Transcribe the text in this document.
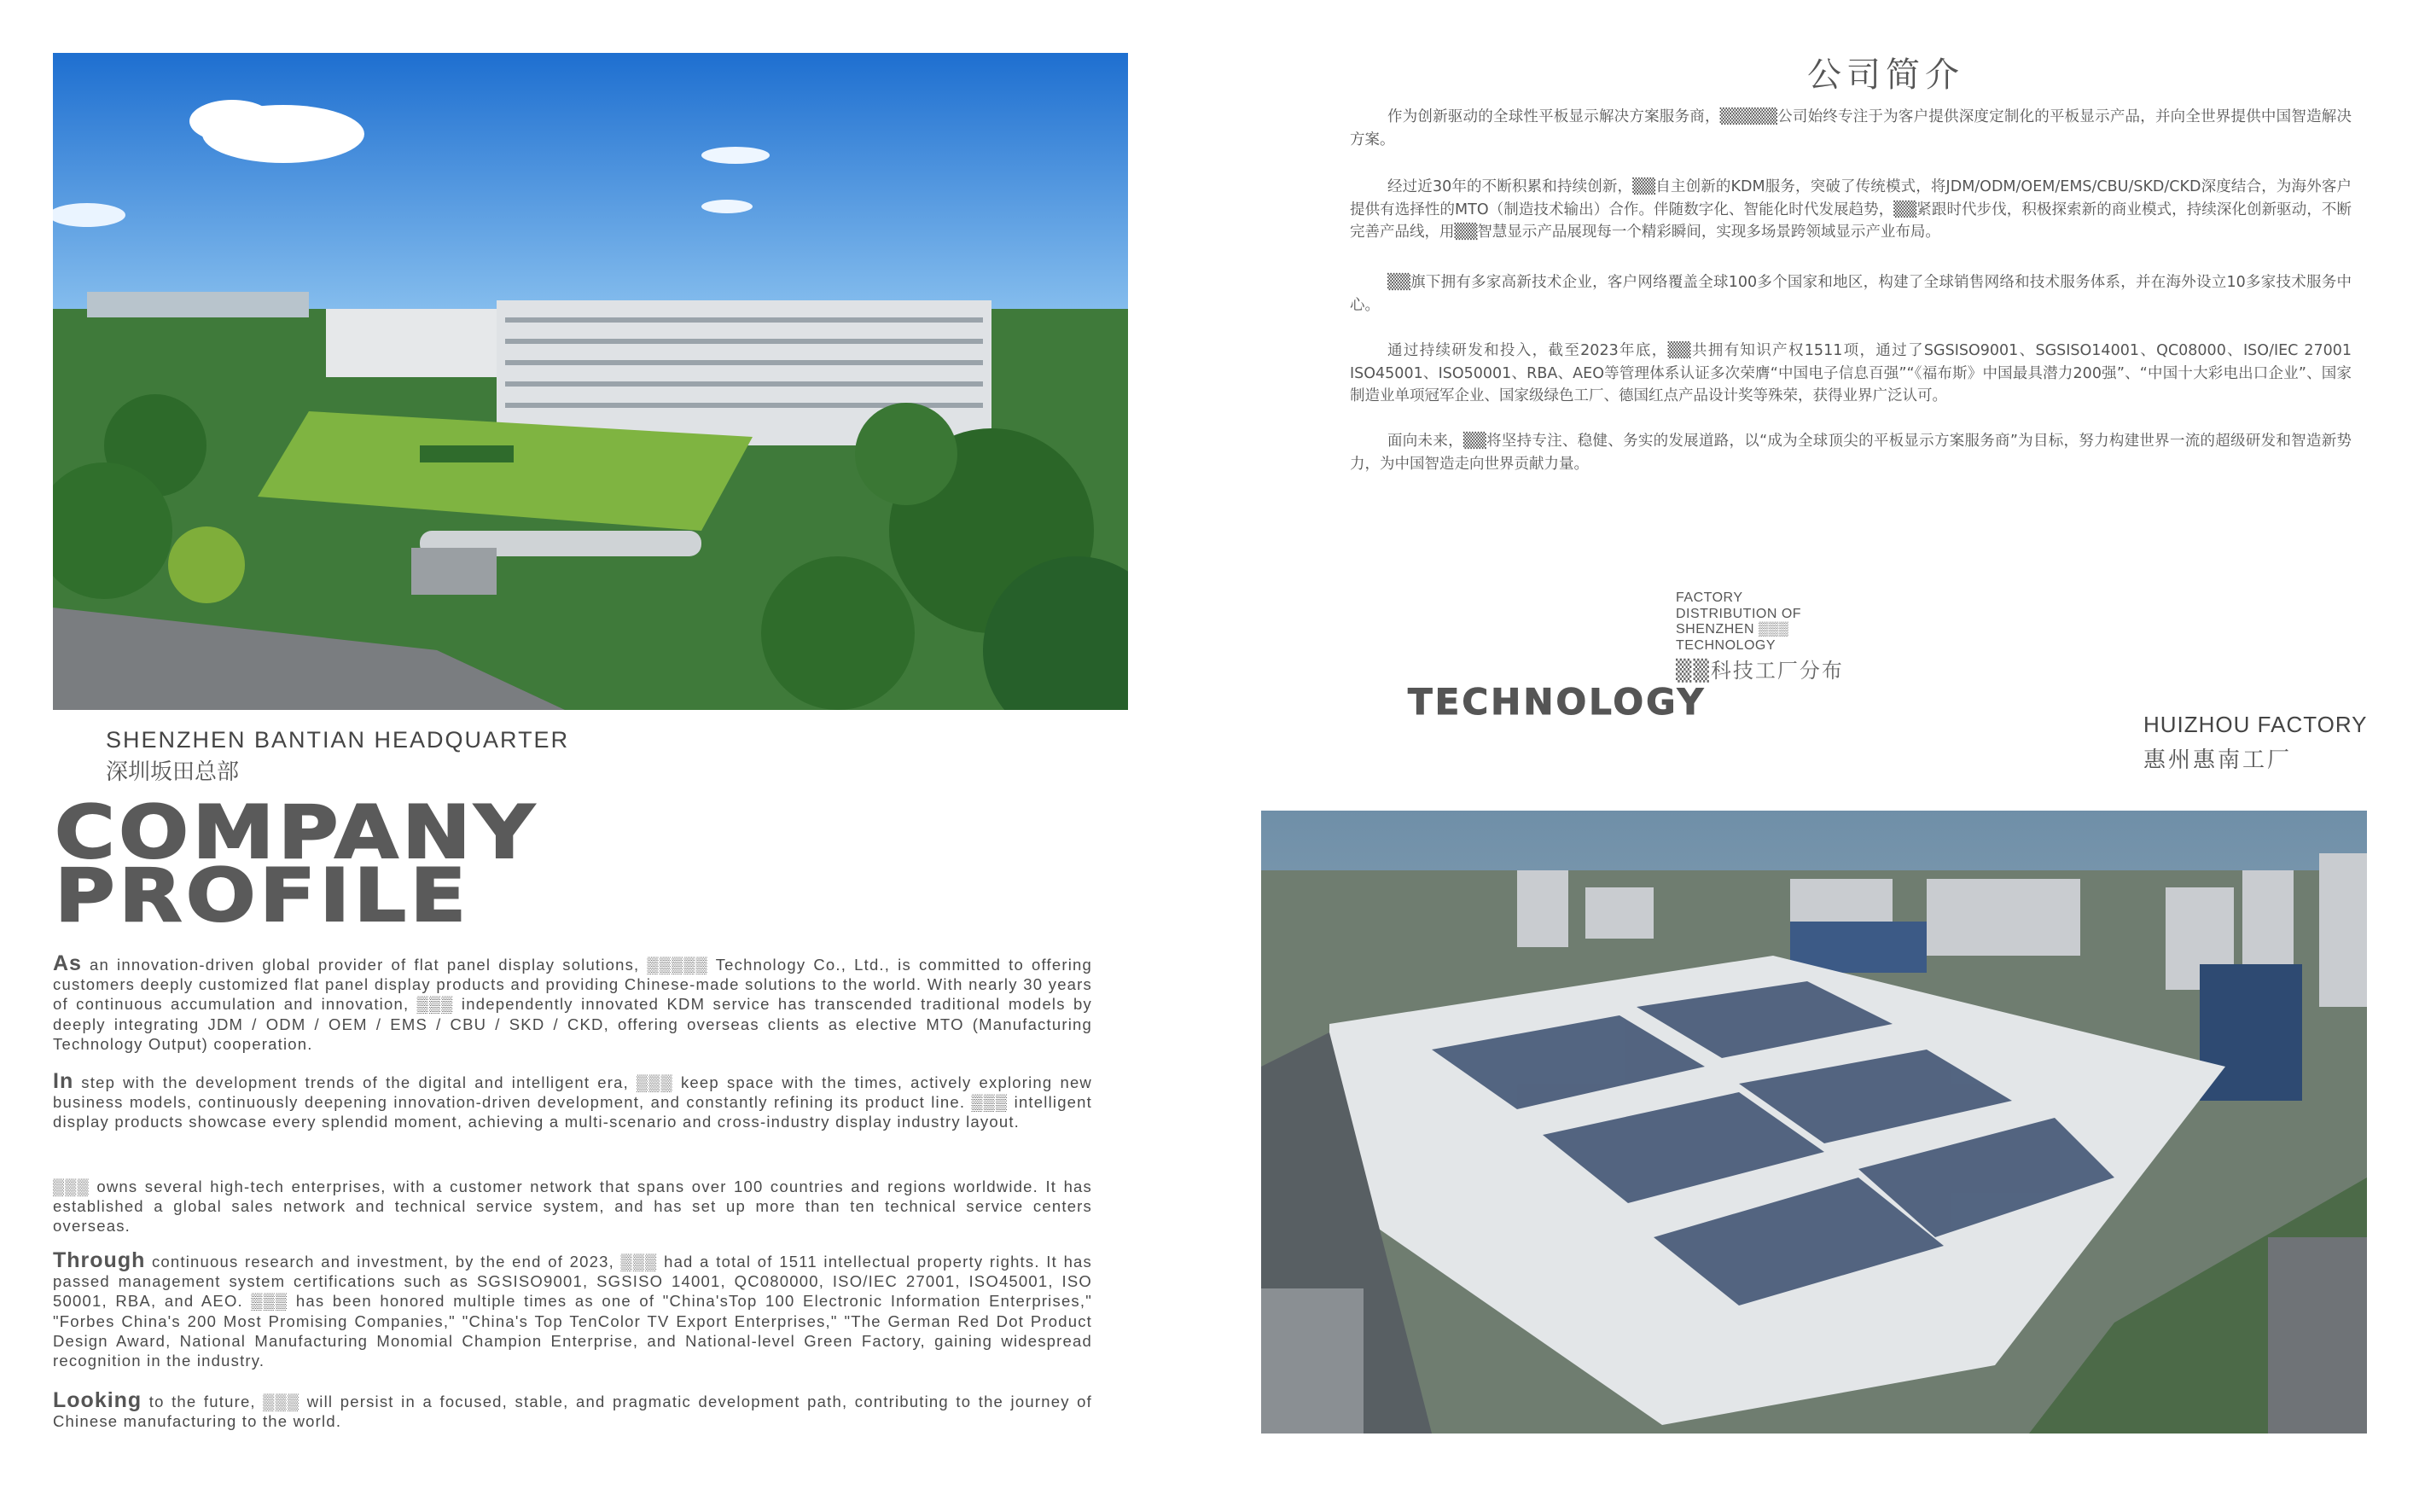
SHENZHEN BANTIAN HEADQUARTER
深圳坂田总部
COMPANY
PROFILE

As an innovation-driven global provider of flat panel display solutions, ▒▒▒▒▒ Technology Co., Ltd., is committed to offering customers deeply customized flat panel display products and providing Chinese-made solutions to the world. With nearly 30 years of continuous accumulation and innovation, ▒▒▒ independently innovated KDM service has transcended traditional models by deeply integrating JDM / ODM / OEM / EMS / CBU / SKD / CKD, offering overseas clients as elective MTO (Manufacturing Technology Output) cooperation.

In step with the development trends of the digital and intelligent era, ▒▒▒ keep space with the times, actively exploring new business models, continuously deepening innovation-driven development, and constantly refining its product line. ▒▒▒ intelligent display products showcase every splendid moment, achieving a multi-scenario and cross-industry display industry layout.

▒▒▒ owns several high-tech enterprises, with a customer network that spans over 100 countries and regions worldwide. It has established a global sales network and technical service system, and has set up more than ten technical service centers overseas.

Through continuous research and investment, by the end of 2023, ▒▒▒ had a total of 1511 intellectual property rights. It has passed management system certifications such as SGSISO9001, SGSISO 14001, QC080000, ISO/IEC 27001, ISO45001, ISO 50001, RBA, and AEO. ▒▒▒ has been honored multiple times as one of "China'sTop 100 Electronic Information Enterprises," "Forbes China's 200 Most Promising Companies," "China's Top TenColor TV Export Enterprises," "The German Red Dot Product Design Award, National Manufacturing Monomial Champion Enterprise, and National-level Green Factory, gaining widespread recognition in the industry.

Looking to the future, ▒▒▒ will persist in a focused, stable, and pragmatic development path, contributing to the journey of Chinese manufacturing to the world.

公司简介

作为创新驱动的全球性平板显示解决方案服务商，▒▒▒▒▒公司始终专注于为客户提供深度定制化的平板显示产品，并向全世界提供中国智造解决方案。

经过近30年的不断积累和持续创新，▒▒自主创新的KDM服务，突破了传统模式，将JDM/ODM/OEM/EMS/CBU/SKD/CKD深度结合，为海外客户提供有选择性的MTO（制造技术输出）合作。伴随数字化、智能化时代发展趋势，▒▒紧跟时代步伐，积极探索新的商业模式，持续深化创新驱动，不断完善产品线，用▒▒智慧显示产品展现每一个精彩瞬间，实现多场景跨领域显示产业布局。

▒▒旗下拥有多家高新技术企业，客户网络覆盖全球100多个国家和地区，构建了全球销售网络和技术服务体系，并在海外设立10多家技术服务中心。

通过持续研发和投入，截至2023年底，▒▒共拥有知识产权1511项，通过了SGSISO9001、SGSISO14001、QC08000、ISO/IEC 27001 ISO45001、ISO50001、RBA、AEO等管理体系认证多次荣膺“中国电子信息百强”“《福布斯》中国最具潜力200强”、“中国十大彩电出口企业”、国家制造业单项冠军企业、国家级绿色工厂、德国红点产品设计奖等殊荣，获得业界广泛认可。

面向未来，▒▒将坚持专注、稳健、务实的发展道路，以“成为全球顶尖的平板显示方案服务商”为目标，努力构建世界一流的超级研发和智造新势力，为中国智造走向世界贡献力量。

FACTORY
DISTRIBUTION OF
SHENZHEN ▒▒▒
TECHNOLOGY
▒▒科技工厂分布
TECHNOLOGY
HUIZHOU FACTORY
惠州惠南工厂
